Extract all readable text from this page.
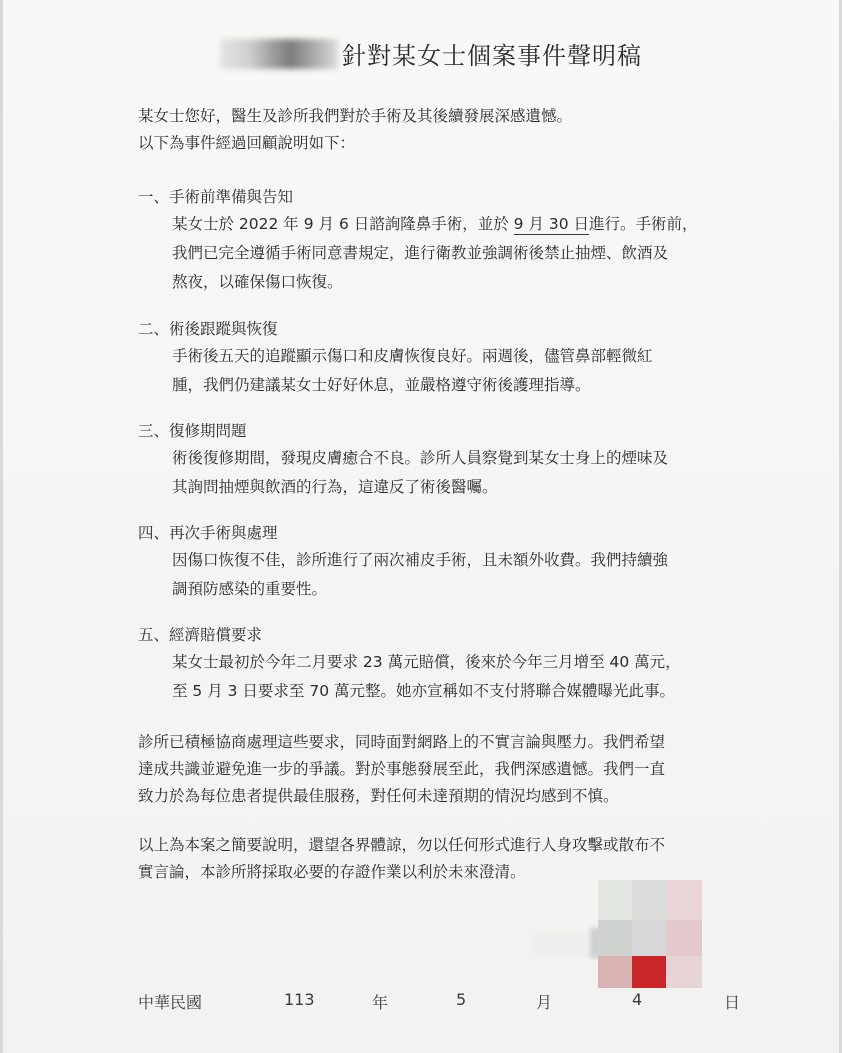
針對某女士個案事件聲明稿
某女士您好，醫生及診所我們對於手術及其後續發展深感遺憾。
以下為事件經過回顧說明如下：
一、手術前準備與告知
某女士於 2022 年 9 月 6 日諮詢隆鼻手術，並於 9 月 30 日進行。手術前，
我們已完全遵循手術同意書規定，進行衛教並強調術後禁止抽煙、飲酒及
熬夜，以確保傷口恢復。
二、術後跟蹤與恢復
手術後五天的追蹤顯示傷口和皮膚恢復良好。兩週後，儘管鼻部輕微紅
腫，我們仍建議某女士好好休息，並嚴格遵守術後護理指導。
三、復修期問題
術後復修期間，發現皮膚癒合不良。診所人員察覺到某女士身上的煙味及
其詢問抽煙與飲酒的行為，這違反了術後醫囑。
四、再次手術與處理
因傷口恢復不佳，診所進行了兩次補皮手術，且未額外收費。我們持續強
調預防感染的重要性。
五、經濟賠償要求
某女士最初於今年二月要求 23 萬元賠償，後來於今年三月增至 40 萬元，
至 5 月 3 日要求至 70 萬元整。她亦宣稱如不支付將聯合媒體曝光此事。
診所已積極協商處理這些要求，同時面對網路上的不實言論與壓力。我們希望
達成共識並避免進一步的爭議。對於事態發展至此，我們深感遺憾。我們一直
致力於為每位患者提供最佳服務，對任何未達預期的情況均感到不慎。
以上為本案之簡要說明，還望各界體諒，勿以任何形式進行人身攻擊或散布不
實言論，本診所將採取必要的存證作業以利於未來澄清。
中華民國	113	年	5	月	4	日
